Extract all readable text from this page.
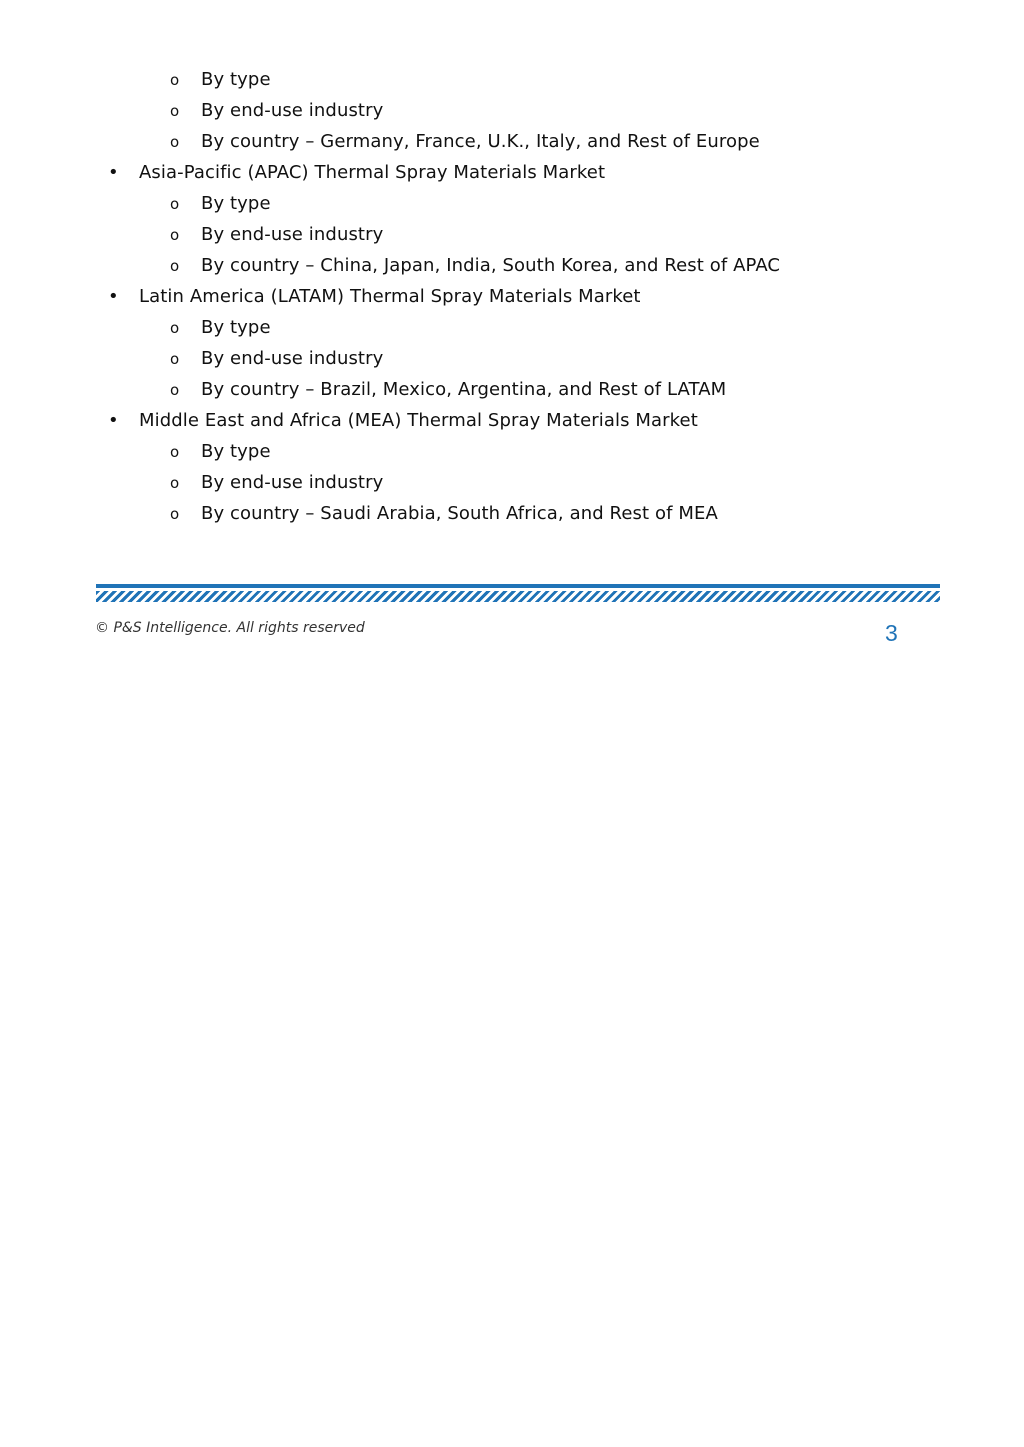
o By type
o By end-use industry
o By country – Germany, France, U.K., Italy, and Rest of Europe
• Asia-Pacific (APAC) Thermal Spray Materials Market
o By type
o By end-use industry
o By country – China, Japan, India, South Korea, and Rest of APAC
• Latin America (LATAM) Thermal Spray Materials Market
o By type
o By end-use industry
o By country – Brazil, Mexico, Argentina, and Rest of LATAM
• Middle East and Africa (MEA) Thermal Spray Materials Market
o By type
o By end-use industry
o By country – Saudi Arabia, South Africa, and Rest of MEA
© P&S Intelligence. All rights reserved	3
